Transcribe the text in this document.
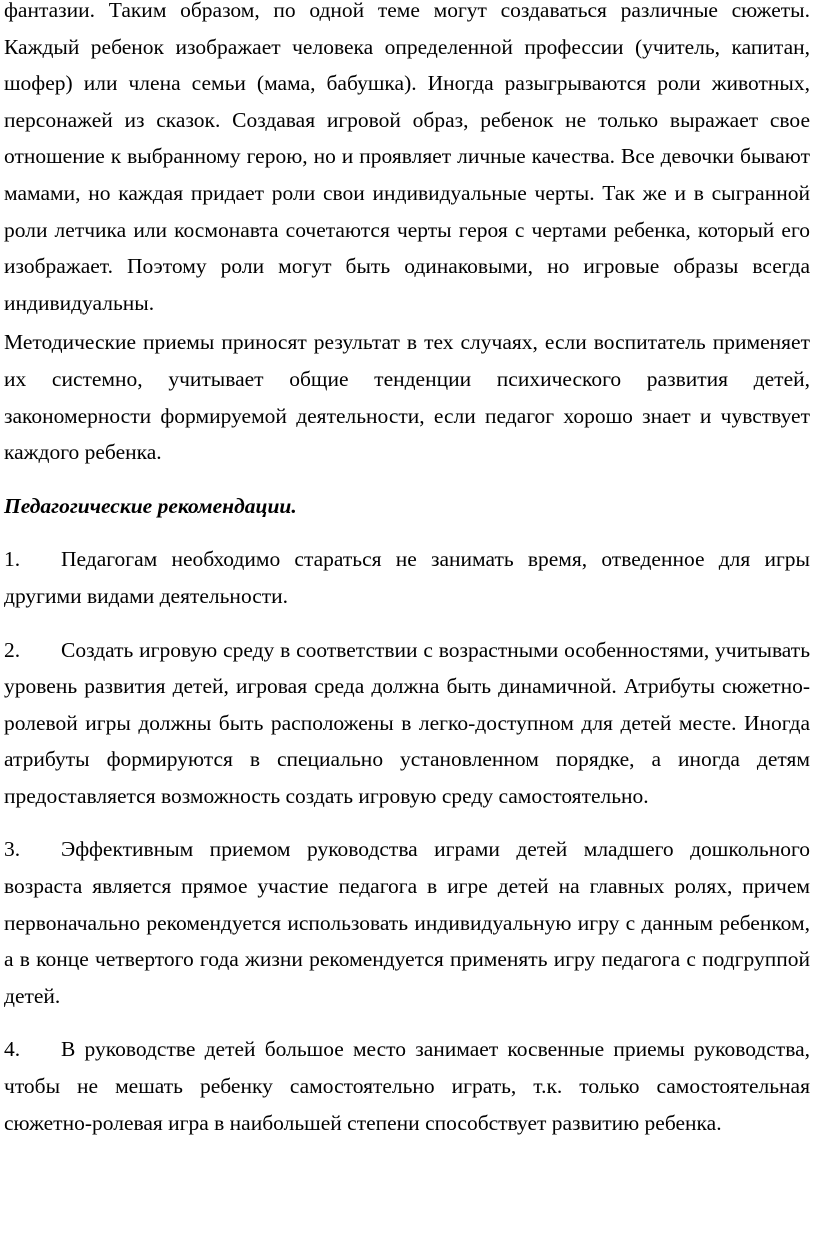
фантазии. Таким образом, по одной теме могут создаваться различные сюжеты. Каждый ребенок изображает человека определенной профессии (учитель, капитан, шофер) или члена семьи (мама, бабушка). Иногда разыгрываются роли животных, персонажей из сказок. Создавая игровой образ, ребенок не только выражает свое отношение к выбранному герою, но и проявляет личные качества. Все девочки бывают мамами, но каждая придает роли свои индивидуальные черты. Так же и в сыгранной роли летчика или космонавта сочетаются черты героя с чертами ребенка, который его изображает. Поэтому роли могут быть одинаковыми, но игровые образы всегда индивидуальны.

Методические приемы приносят результат в тех случаях, если воспитатель применяет их системно, учитывает общие тенденции психического развития детей, закономерности формируемой деятельности, если педагог хорошо знает и чувствует каждого ребенка.

Педагогические рекомендации.

1. Педагогам необходимо стараться не занимать время, отведенное для игры другими видами деятельности.

2. Создать игровую среду в соответствии с возрастными особенностями, учитывать уровень развития детей, игровая среда должна быть динамичной. Атрибуты сюжетно-ролевой игры должны быть расположены в легко-доступном для детей месте. Иногда атрибуты формируются в специально установленном порядке, а иногда детям предоставляется возможность создать игровую среду самостоятельно.

3. Эффективным приемом руководства играми детей младшего дошкольного возраста является прямое участие педагога в игре детей на главных ролях, причем первоначально рекомендуется использовать индивидуальную игру с данным ребенком, а в конце четвертого года жизни рекомендуется применять игру педагога с подгруппой детей.

4. В руководстве детей большое место занимает косвенные приемы руководства, чтобы не мешать ребенку самостоятельно играть, т.к. только самостоятельная сюжетно-ролевая игра в наибольшей степени способствует развитию ребенка.
